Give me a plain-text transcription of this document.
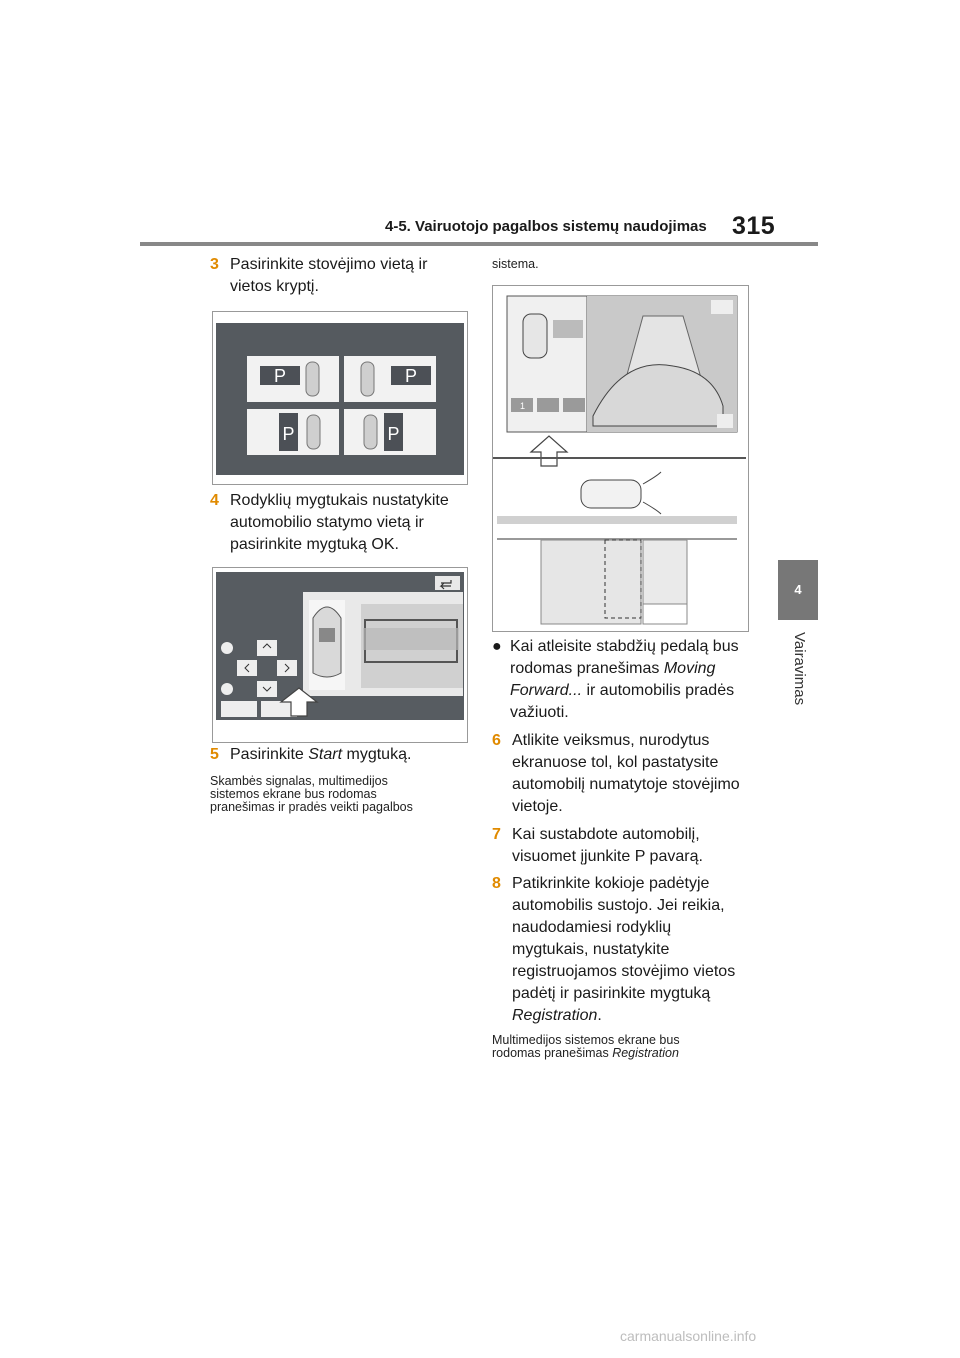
4-5. Vairuotojo pagalbos sistemų naudojimas 315
4
Vairavimas
3 Pasirinkite stovėjimo vietą ir
vietos kryptį.
P	P
P	P
4 Rodyklių mygtukais nustatykite
automobilio statymo vietą ir
pasirinkite mygtuką OK.
5 Pasirinkite Start mygtuką.
Skambės signalas, multimedijos
sistemos ekrane bus rodomas
pranešimas ir pradės veikti pagalbos
sistema.
1
● Kai atleisite stabdžių pedalą bus
rodomas pranešimas Moving
Forward... ir automobilis pradės
važiuoti.
6 Atlikite veiksmus, nurodytus
ekranuose tol, kol pastatysite
automobilį numatytoje stovėjimo
vietoje.
7 Kai sustabdote automobilį,
visuomet įjunkite P pavarą.
8 Patikrinkite kokioje padėtyje
automobilis sustojo. Jei reikia,
naudodamiesi rodyklių
mygtukais, nustatykite
registruojamos stovėjimo vietos
padėtį ir pasirinkite mygtuką
Registration.
Multimedijos sistemos ekrane bus
rodomas pranešimas Registration
carmanualsonline.info
